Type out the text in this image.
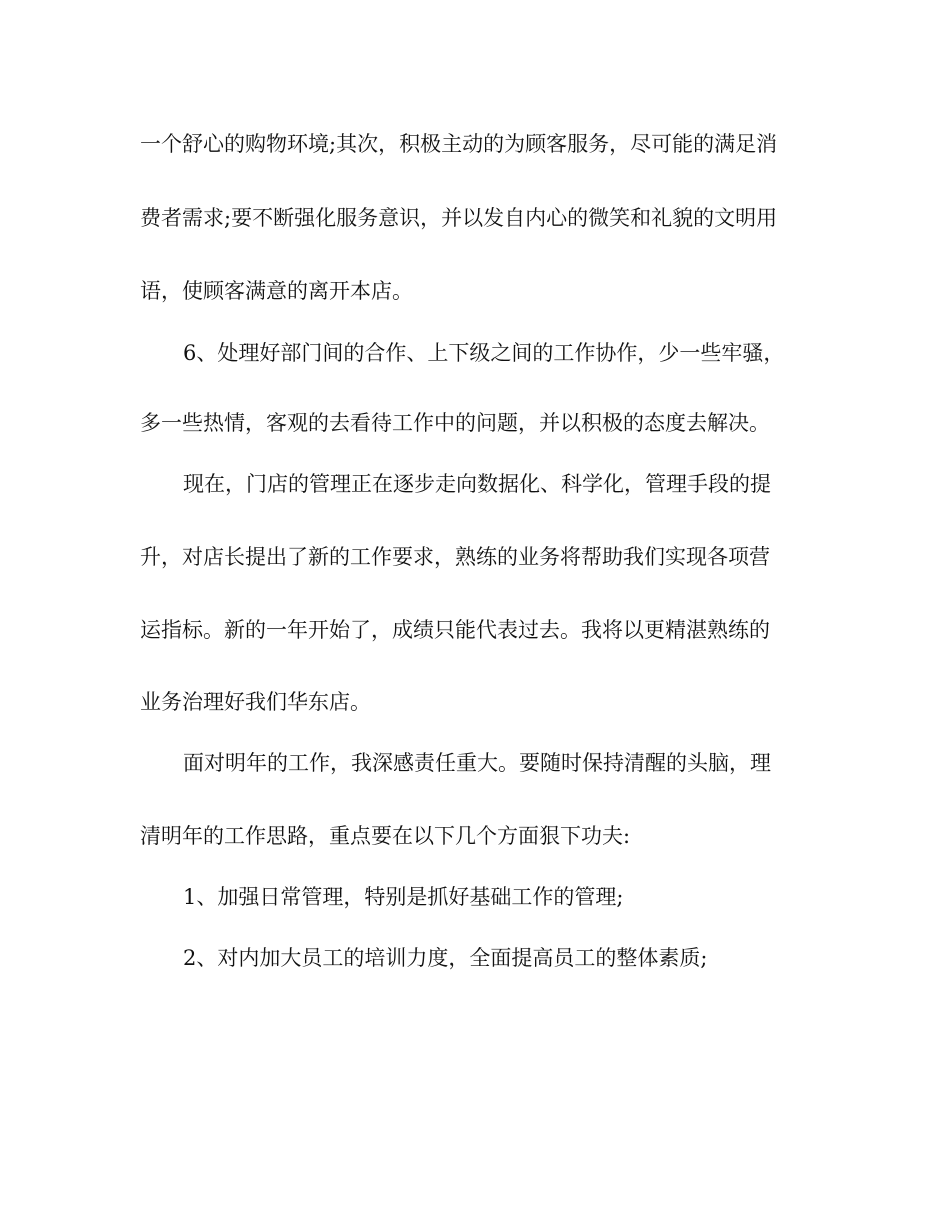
一个舒心的购物环境;其次，积极主动的为顾客服务，尽可能的满足消
费者需求;要不断强化服务意识，并以发自内心的微笑和礼貌的文明用
语，使顾客满意的离开本店。
6、处理好部门间的合作、上下级之间的工作协作，少一些牢骚，
多一些热情，客观的去看待工作中的问题，并以积极的态度去解决。
现在，门店的管理正在逐步走向数据化、科学化，管理手段的提
升，对店长提出了新的工作要求，熟练的业务将帮助我们实现各项营
运指标。新的一年开始了，成绩只能代表过去。我将以更精湛熟练的
业务治理好我们华东店。
面对明年的工作，我深感责任重大。要随时保持清醒的头脑，理
清明年的工作思路，重点要在以下几个方面狠下功夫:
1、加强日常管理，特别是抓好基础工作的管理;
2、对内加大员工的培训力度，全面提高员工的整体素质;
